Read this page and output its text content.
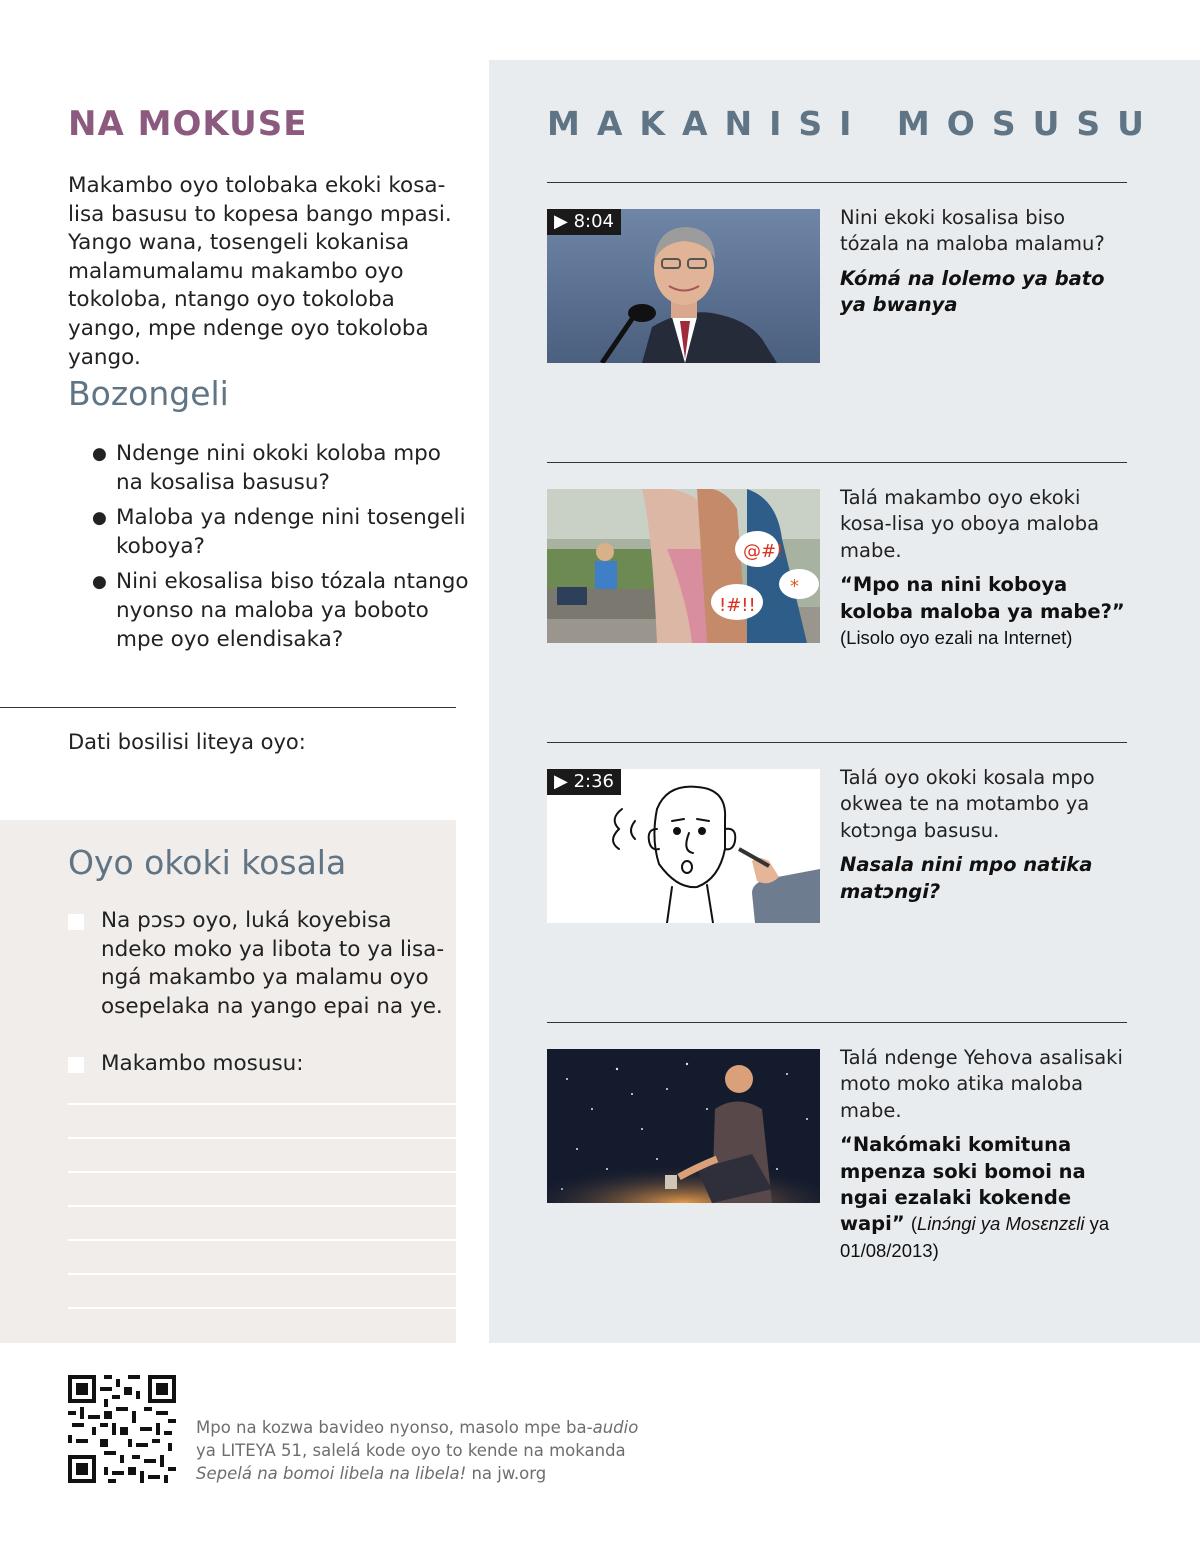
NA MOKUSE

Makambo oyo tolobaka ekoki kosa-lisa basusu to kopesa bango mpasi. Yango wana, tosengeli kokanisa malamumalamu makambo oyo tokoloba, ntango oyo tokoloba yango, mpe ndenge oyo tokoloba yango.

Bozongeli
● Ndenge nini okoki koloba mpo na kosalisa basusu?
● Maloba ya ndenge nini tosengeli koboya?
● Nini ekosalisa biso tózala ntango nyonso na maloba ya boboto mpe oyo elendisaka?

Dati bosilisi liteya oyo:

Oyo okoki kosala

Na pɔsɔ oyo, luká koyebisa ndeko moko ya libota to ya lisa-ngá makambo ya malamu oyo osepelaka na yango epai na ye.

Makambo mosusu:

MAKANISI MOSUSU
▶ 8:04	Nini ekoki kosalisa biso tózala na maloba malamu?

Kómá na lolemo ya bato ya bwanya

@#!
!#!!
*

Talá makambo oyo ekoki kosa-lisa yo oboya maloba mabe.

“Mpo na nini koboya koloba maloba ya mabe?” (Lisolo oyo ezali na Internet)

▶ 2:36	Talá oyo okoki kosala mpo okwea te na motambo ya kotɔnga basusu.

Nasala nini mpo natika matɔngi?

Talá ndenge Yehova asalisaki moto moko atika maloba mabe.

“Nakómaki komituna mpenza soki bomoi na ngai ezalaki kokende wapi” (Linɔ́ngi ya Mosɛnzɛli ya 01/08/2013)

Mpo na kozwa bavideo nyonso, masolo mpe ba-audio
ya LITEYA 51, salelá kode oyo to kende na mokanda
Sepelá na bomoi libela na libela! na jw.org
